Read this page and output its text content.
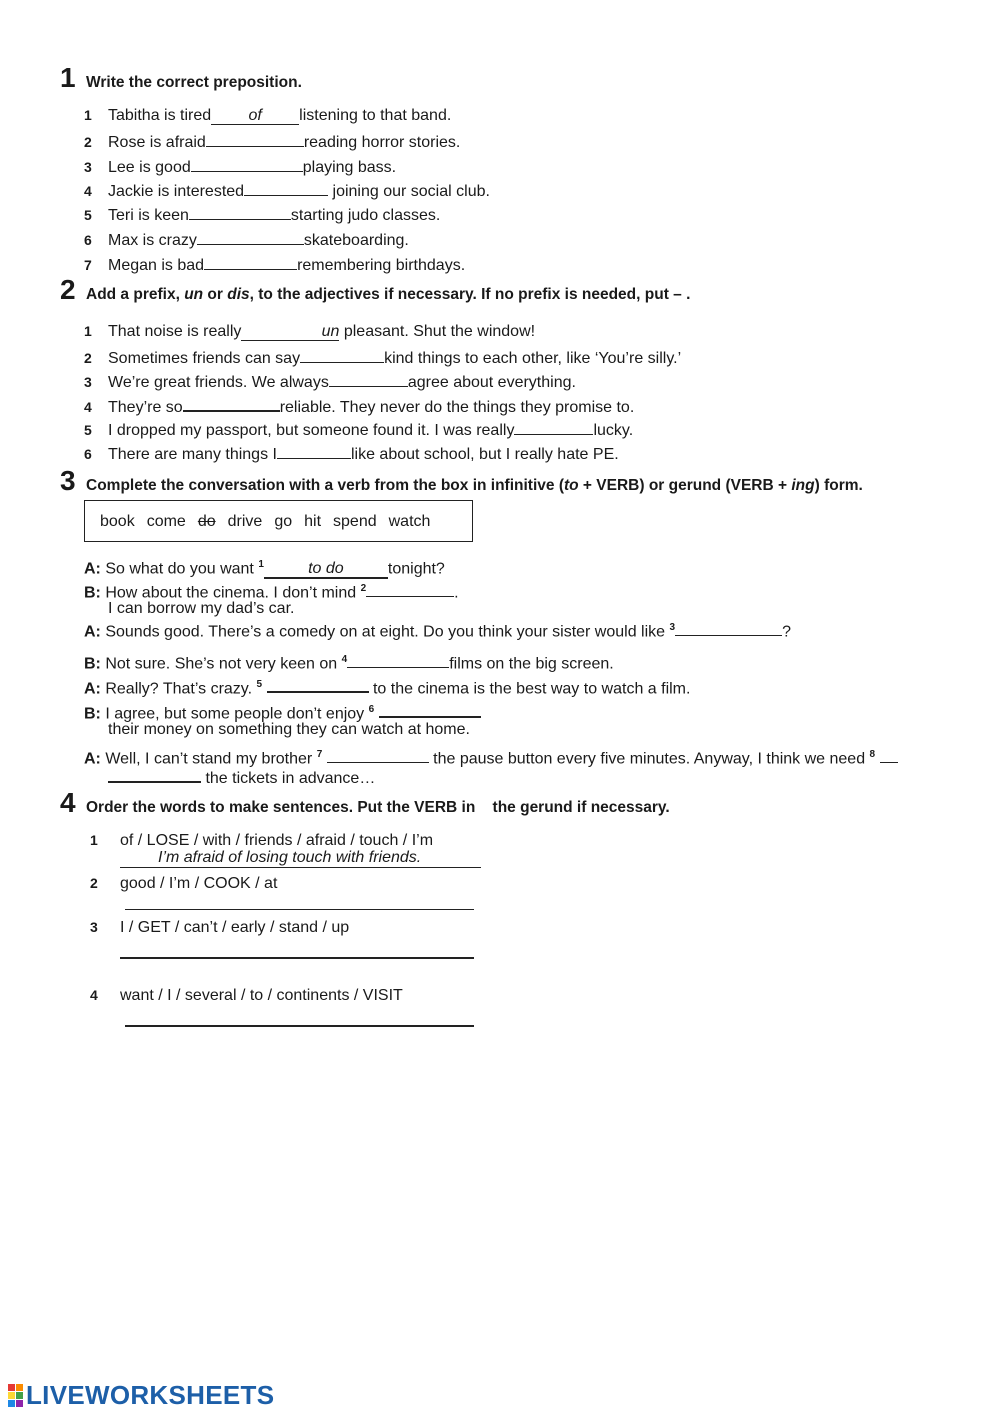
1 Write the correct preposition.
1 Tabitha is tired of listening to that band.
2 Rose is afraid	reading horror stories.
3 Lee is good	playing bass.
4 Jackie is interested	joining our social club.
5 Teri is keen	starting judo classes.
6 Max is crazy	skateboarding.
7 Megan is bad	remembering birthdays.
2 Add a prefix, un or dis, to the adjectives if necessary. If no prefix is needed, put – .
1 That noise is really	un pleasant. Shut the window!
2 Sometimes friends can say	kind things to each other, like ‘You’re silly.’
3 We’re great friends. We always	agree about everything.
4 They’re so	reliable. They never do the things they promise to.
5 I dropped my passport, but someone found it. I was really	lucky.
6 There are many things I	like about school, but I really hate PE.
3 Complete the conversation with a verb from the box in infinitive (to + VERB) or gerund (VERB + ing) form.
book come do drive go hit spend watch
A: So what do you want $^1$	to do	tonight?
B: How about the cinema. I don’t mind $^2$	.
I can borrow my dad’s car.
A: Sounds good. There’s a comedy on at eight. Do you think your sister would like $^3$	?
B: Not sure. She’s not very keen on $^4$	films on the big screen.
A: Really? That’s crazy. $^5$	to the cinema is the best way to watch a film.
B: I agree, but some people don’t enjoy $^6$
their money on something they can watch at home.
A: Well, I can’t stand my brother $^7$	the pause button every five minutes. Anyway, I think we need $^8$
the tickets in advance…
4 Order the words to make sentences. Put the VERB in    the gerund if necessary.
1 of / LOSE / with / friends / afraid / touch / I’m
I’m afraid of losing touch with friends.
2 good / I’m / COOK / at
3 I / GET / can’t / early / stand / up
4 want / I / several / to / continents / VISIT
LIVEWORKSHEETS
